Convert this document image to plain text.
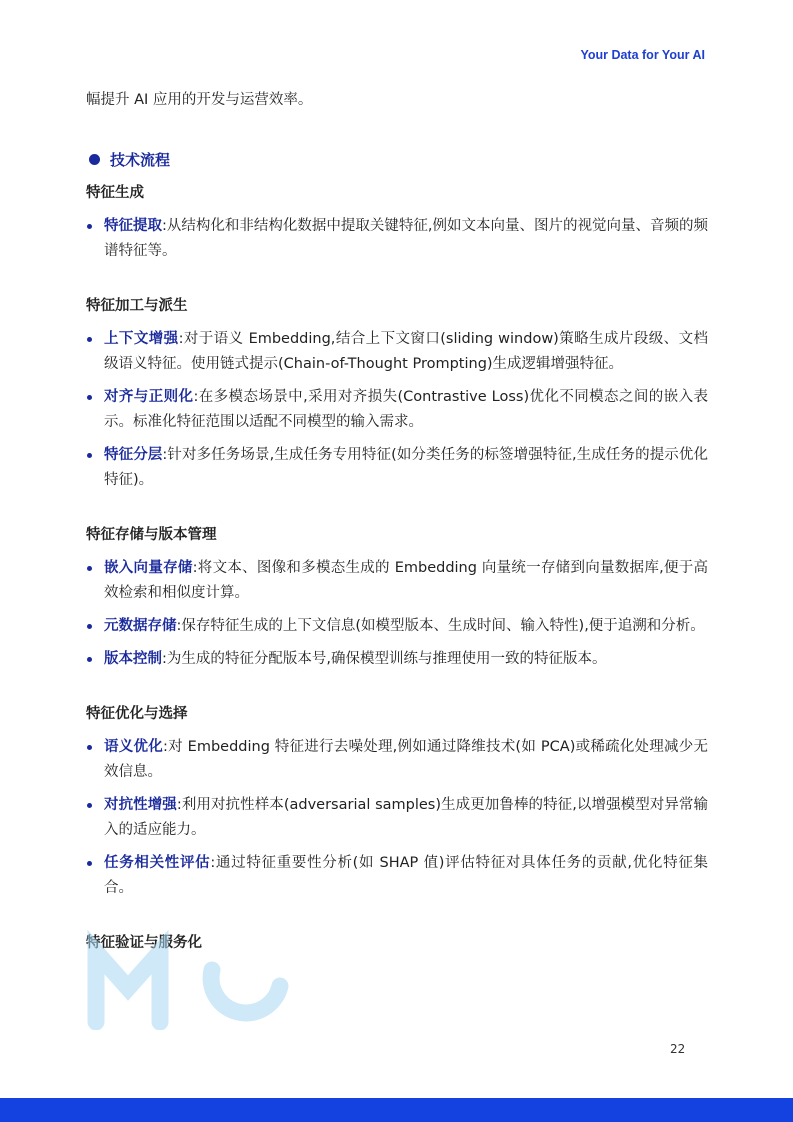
Your Data for Your AI

幅提升 AI 应用的开发与运营效率。

技术流程
特征生成
特征提取:从结构化和非结构化数据中提取关键特征,例如文本向量、图片的视觉向量、音频的频谱特征等。
特征加工与派生
上下文增强:对于语义 Embedding,结合上下文窗口(sliding window)策略生成片段级、文档级语义特征。使用链式提示(Chain-of-Thought Prompting)生成逻辑增强特征。
对齐与正则化:在多模态场景中,采用对齐损失(Contrastive Loss)优化不同模态之间的嵌入表示。标准化特征范围以适配不同模型的输入需求。
特征分层:针对多任务场景,生成任务专用特征(如分类任务的标签增强特征,生成任务的提示优化特征)。
特征存储与版本管理
嵌入向量存储:将文本、图像和多模态生成的 Embedding 向量统一存储到向量数据库,便于高效检索和相似度计算。
元数据存储:保存特征生成的上下文信息(如模型版本、生成时间、输入特性),便于追溯和分析。
版本控制:为生成的特征分配版本号,确保模型训练与推理使用一致的特征版本。
特征优化与选择
语义优化:对 Embedding 特征进行去噪处理,例如通过降维技术(如 PCA)或稀疏化处理减少无效信息。
对抗性增强:利用对抗性样本(adversarial samples)生成更加鲁棒的特征,以增强模型对异常输入的适应能力。
任务相关性评估:通过特征重要性分析(如 SHAP 值)评估特征对具体任务的贡献,优化特征集合。
特征验证与服务化
22
